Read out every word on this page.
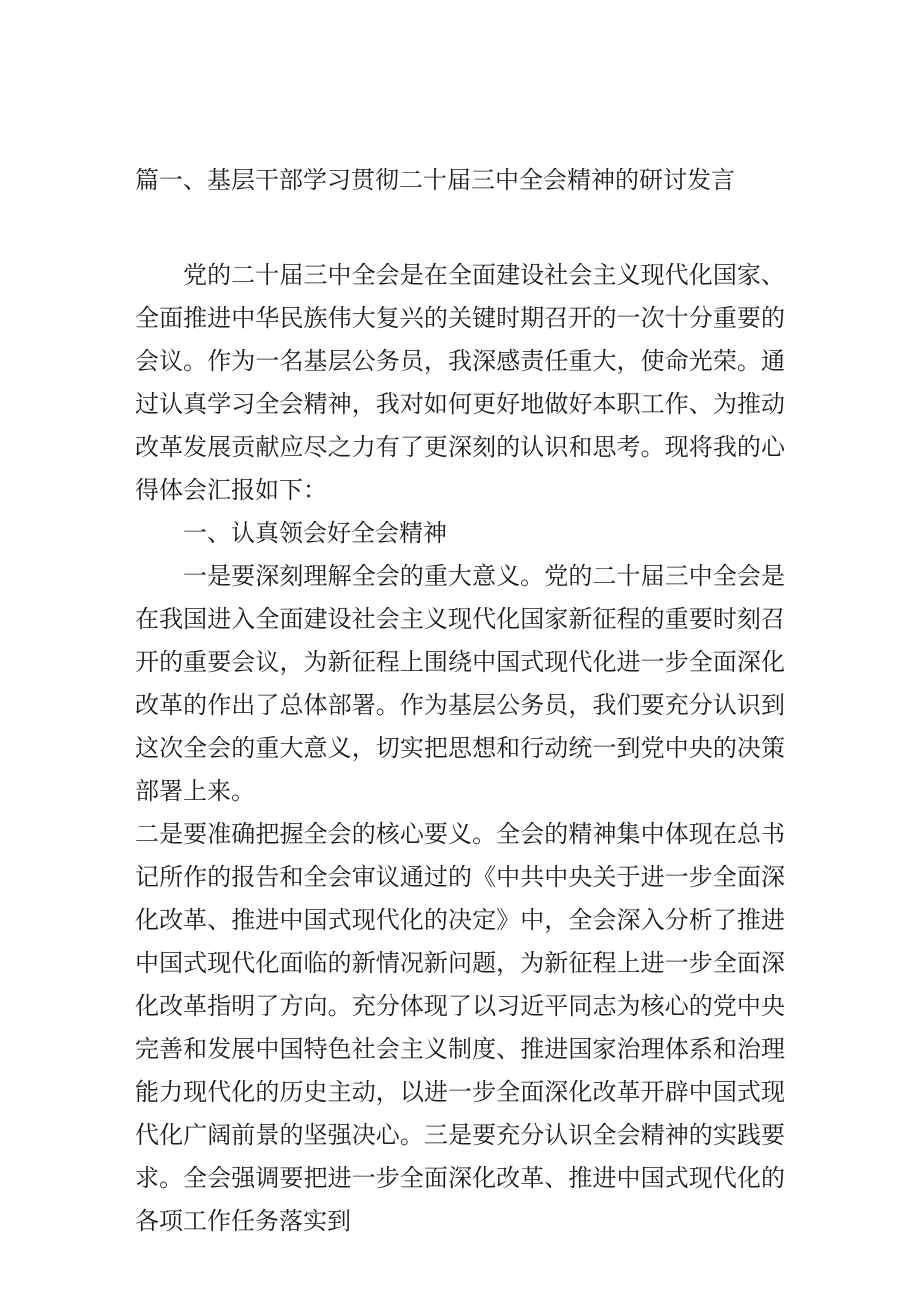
篇一、基层干部学习贯彻二十届三中全会精神的研讨发言

党的二十届三中全会是在全面建设社会主义现代化国家、全面推进中华民族伟大复兴的关键时期召开的一次十分重要的会议。作为一名基层公务员，我深感责任重大，使命光荣。通过认真学习全会精神，我对如何更好地做好本职工作、为推动改革发展贡献应尽之力有了更深刻的认识和思考。现将我的心得体会汇报如下：

一、认真领会好全会精神

一是要深刻理解全会的重大意义。党的二十届三中全会是在我国进入全面建设社会主义现代化国家新征程的重要时刻召开的重要会议，为新征程上围绕中国式现代化进一步全面深化改革的作出了总体部署。作为基层公务员，我们要充分认识到这次全会的重大意义，切实把思想和行动统一到党中央的决策部署上来。

二是要准确把握全会的核心要义。全会的精神集中体现在总书记所作的报告和全会审议通过的《中共中央关于进一步全面深化改革、推进中国式现代化的决定》中，全会深入分析了推进中国式现代化面临的新情况新问题，为新征程上进一步全面深化改革指明了方向。充分体现了以习近平同志为核心的党中央完善和发展中国特色社会主义制度、推进国家治理体系和治理能力现代化的历史主动，以进一步全面深化改革开辟中国式现代化广阔前景的坚强决心。三是要充分认识全会精神的实践要求。全会强调要把进一步全面深化改革、推进中国式现代化的各项工作任务落实到
